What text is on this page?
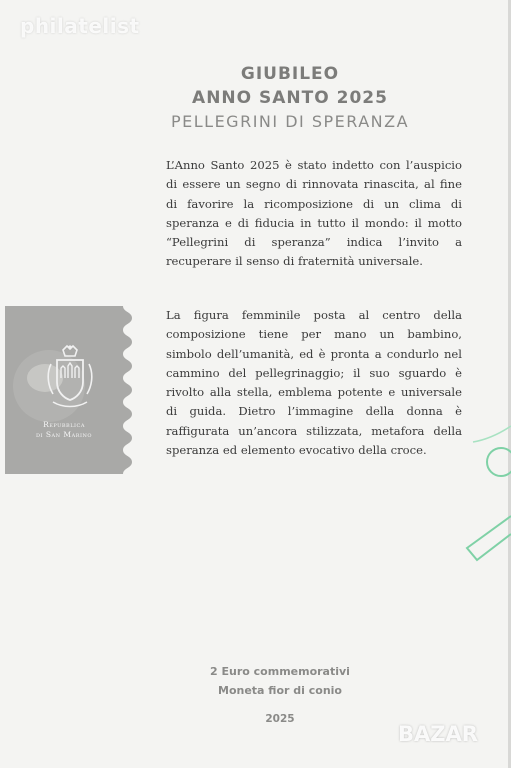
philatelist
GIUBILEO
ANNO SANTO 2025
PELLEGRINI DI SPERANZA

L’Anno Santo 2025 è stato indetto con l’auspicio di essere un segno di rinnovata rinascita, al fine di favorire la ricomposizione di un clima di speranza e di fiducia in tutto il mondo: il motto “Pellegrini di speranza” indica l’invito a recuperare il senso di fraternità universale.

La figura femminile posta al centro della composizione tiene per mano un bambino, simbolo dell’umanità, ed è pronta a condurlo nel cammino del pellegrinaggio; il suo sguardo è rivolto alla stella, emblema potente e universale di guida. Dietro l’immagine della donna è raffigurata un’ancora stilizzata, metafora della speranza ed elemento evocativo della croce.

Repubblica
di San Marino
2 Euro commemorativi
Moneta fior di conio
2025
BAZAR
